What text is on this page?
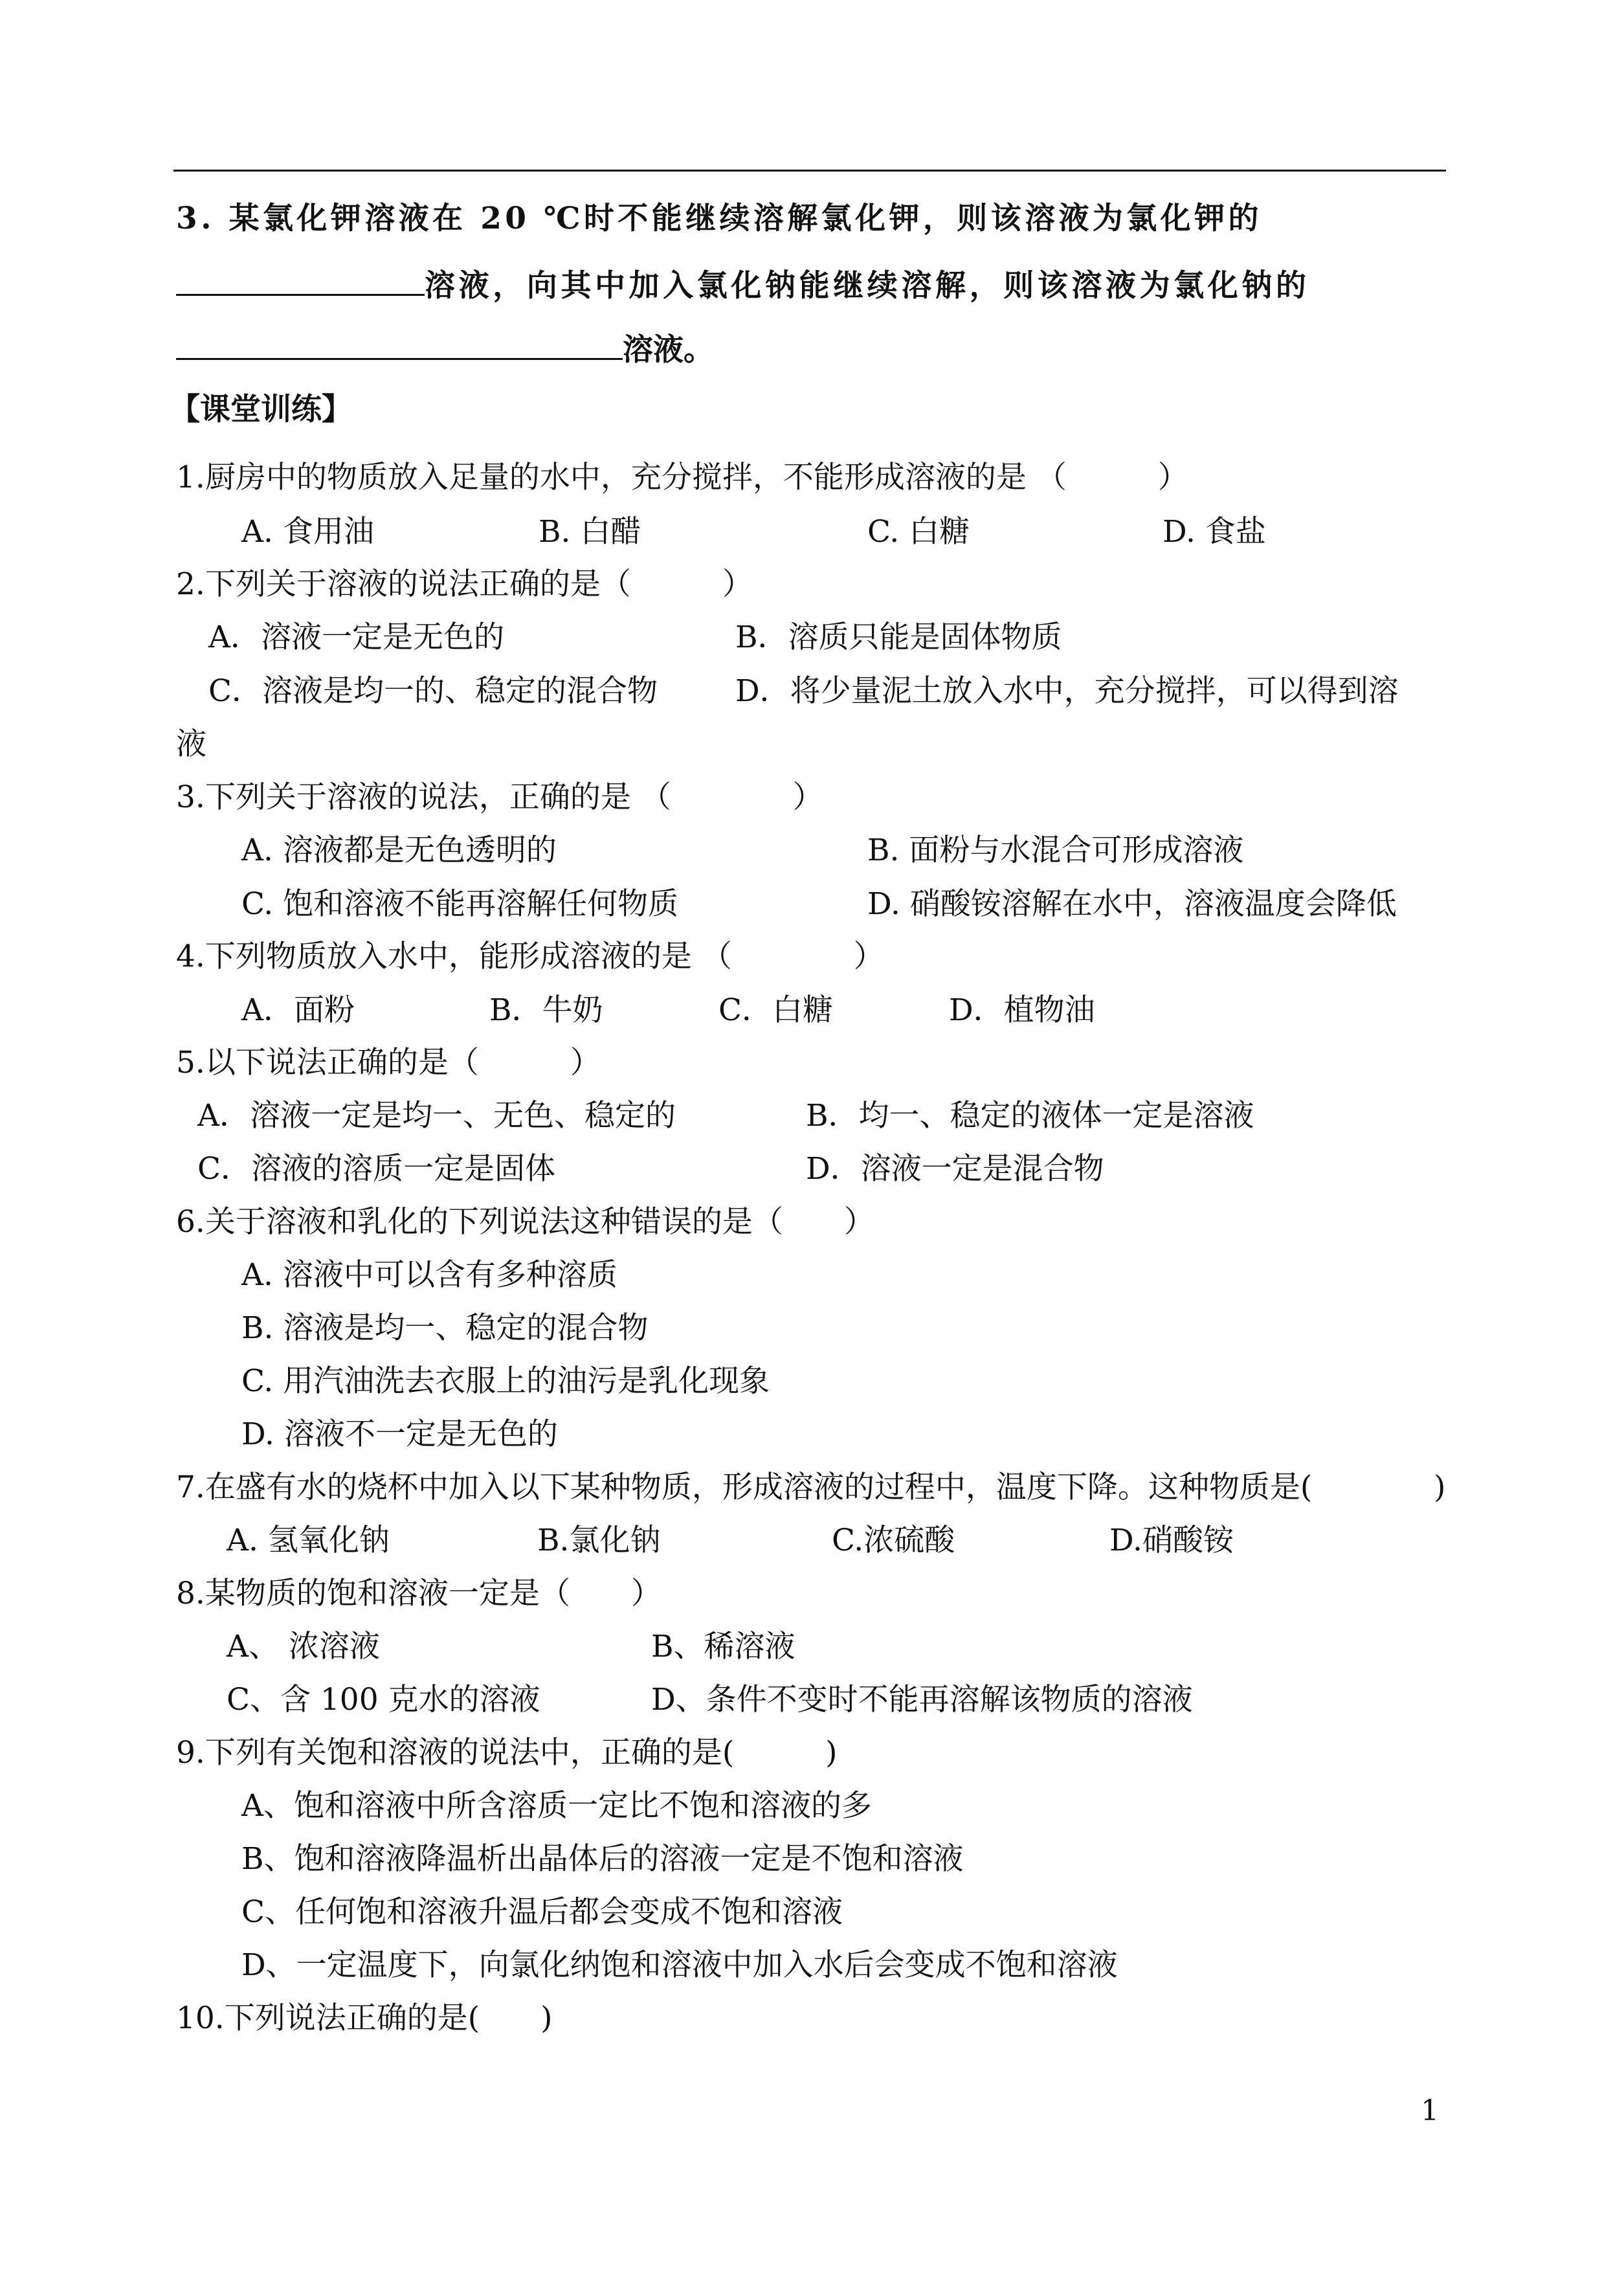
3. 某氯化钾溶液在 20 ℃时不能继续溶解氯化钾，则该溶液为氯化钾的
溶液，向其中加入氯化钠能继续溶解，则该溶液为氯化钠的
溶液。
【课堂训练】
1.厨房中的物质放入足量的水中，充分搅拌，不能形成溶液的是 （　　　）
A. 食用油	B. 白醋	C. 白糖	D. 食盐
2.下列关于溶液的说法正确的是（　　　）
A．溶液一定是无色的	B．溶质只能是固体物质
C．溶液是均一的、稳定的混合物	D．将少量泥土放入水中，充分搅拌，可以得到溶
液
3.下列关于溶液的说法，正确的是 （　　　　）
A. 溶液都是无色透明的	B. 面粉与水混合可形成溶液
C. 饱和溶液不能再溶解任何物质	D. 硝酸铵溶解在水中，溶液温度会降低
4.下列物质放入水中，能形成溶液的是 （　　　　）
A．面粉	B．牛奶	C．白糖	D．植物油
5.以下说法正确的是（　　　）
A．溶液一定是均一、无色、稳定的	B．均一、稳定的液体一定是溶液
C．溶液的溶质一定是固体	D．溶液一定是混合物
6.关于溶液和乳化的下列说法这种错误的是（　　）
A. 溶液中可以含有多种溶质
B. 溶液是均一、稳定的混合物
C. 用汽油洗去衣服上的油污是乳化现象
D. 溶液不一定是无色的
7.在盛有水的烧杯中加入以下某种物质，形成溶液的过程中，温度下降。这种物质是(　　　　)
A. 氢氧化钠	B.氯化钠	C.浓硫酸	D.硝酸铵
8.某物质的饱和溶液一定是（　　）
A、 浓溶液	B、稀溶液
C、含 100 克水的溶液	D、条件不变时不能再溶解该物质的溶液
9.下列有关饱和溶液的说法中，正确的是(　　　)
A、饱和溶液中所含溶质一定比不饱和溶液的多
B、饱和溶液降温析出晶体后的溶液一定是不饱和溶液
C、任何饱和溶液升温后都会变成不饱和溶液
D、一定温度下，向氯化纳饱和溶液中加入水后会变成不饱和溶液
10.下列说法正确的是(　　)
1
